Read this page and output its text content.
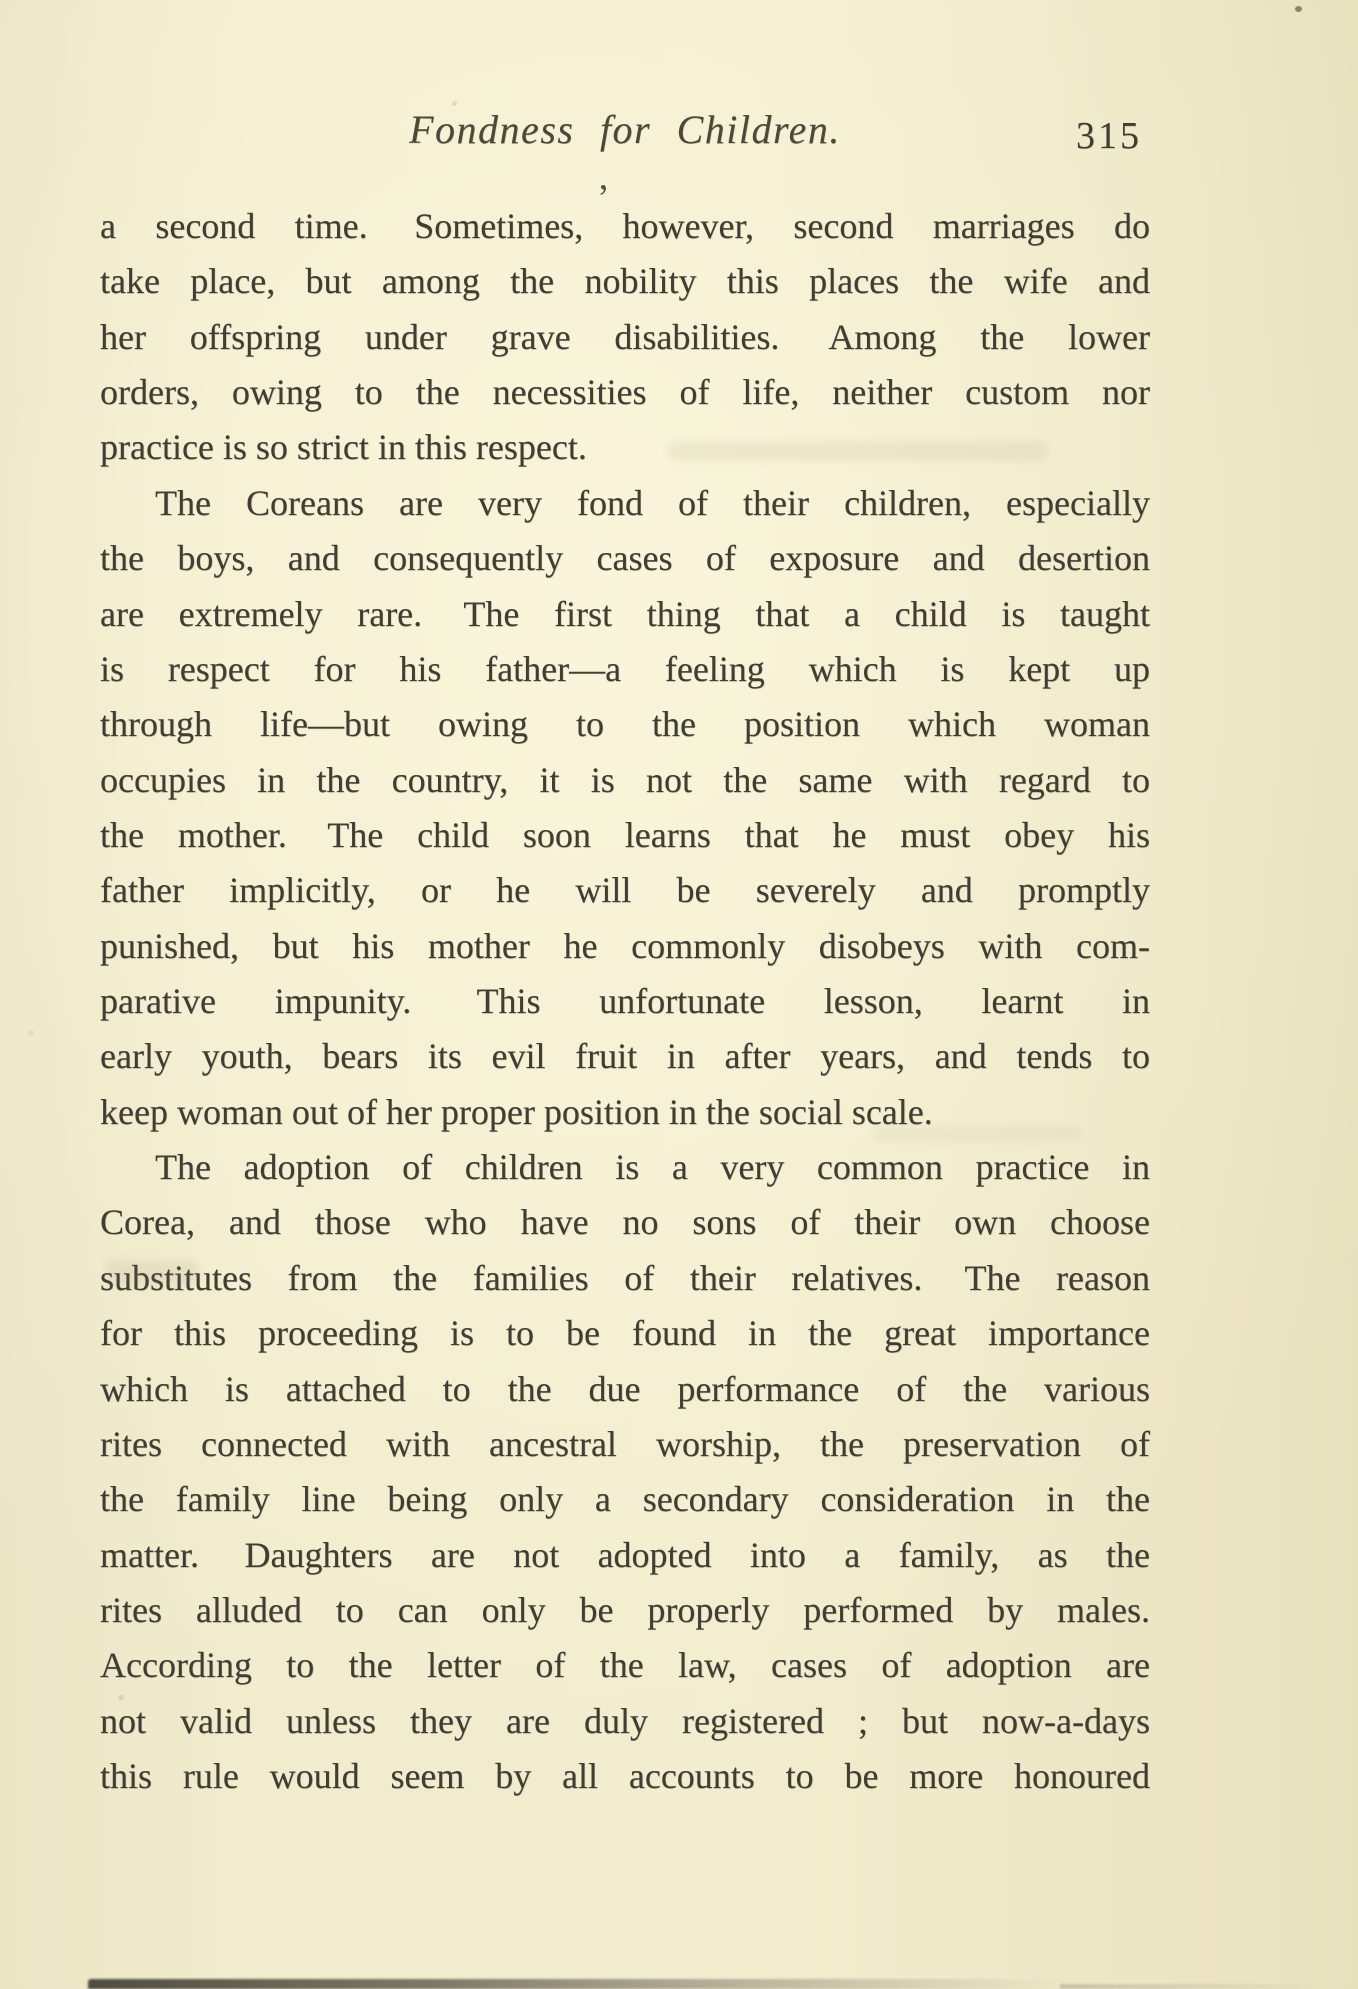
Fondness for Children.	315
,
a second time.  Sometimes, however, second marriages do
take place, but among the nobility this places the wife and
her offspring under grave disabilities.  Among the lower
orders, owing to the necessities of life, neither custom nor
practice is so strict in this respect.
The Coreans are very fond of their children, especially
the boys, and consequently cases of exposure and desertion
are extremely rare.  The first thing that a child is taught
is respect for his father—a feeling which is kept up
through life—but owing to the position which woman
occupies in the country, it is not the same with regard to
the mother.  The child soon learns that he must obey his
father implicitly, or he will be severely and promptly
punished, but his mother he commonly disobeys with com-
parative impunity.  This unfortunate lesson, learnt in
early youth, bears its evil fruit in after years, and tends to
keep woman out of her proper position in the social scale.
The adoption of children is a very common practice in
Corea, and those who have no sons of their own choose
substitutes from the families of their relatives.  The reason
for this proceeding is to be found in the great importance
which is attached to the due performance of the various
rites connected with ancestral worship, the preservation of
the family line being only a secondary consideration in the
matter.  Daughters are not adopted into a family, as the
rites alluded to can only be properly performed by males.
According to the letter of the law, cases of adoption are
not valid unless they are duly registered ; but now-a-days
this rule would seem by all accounts to be more honoured
